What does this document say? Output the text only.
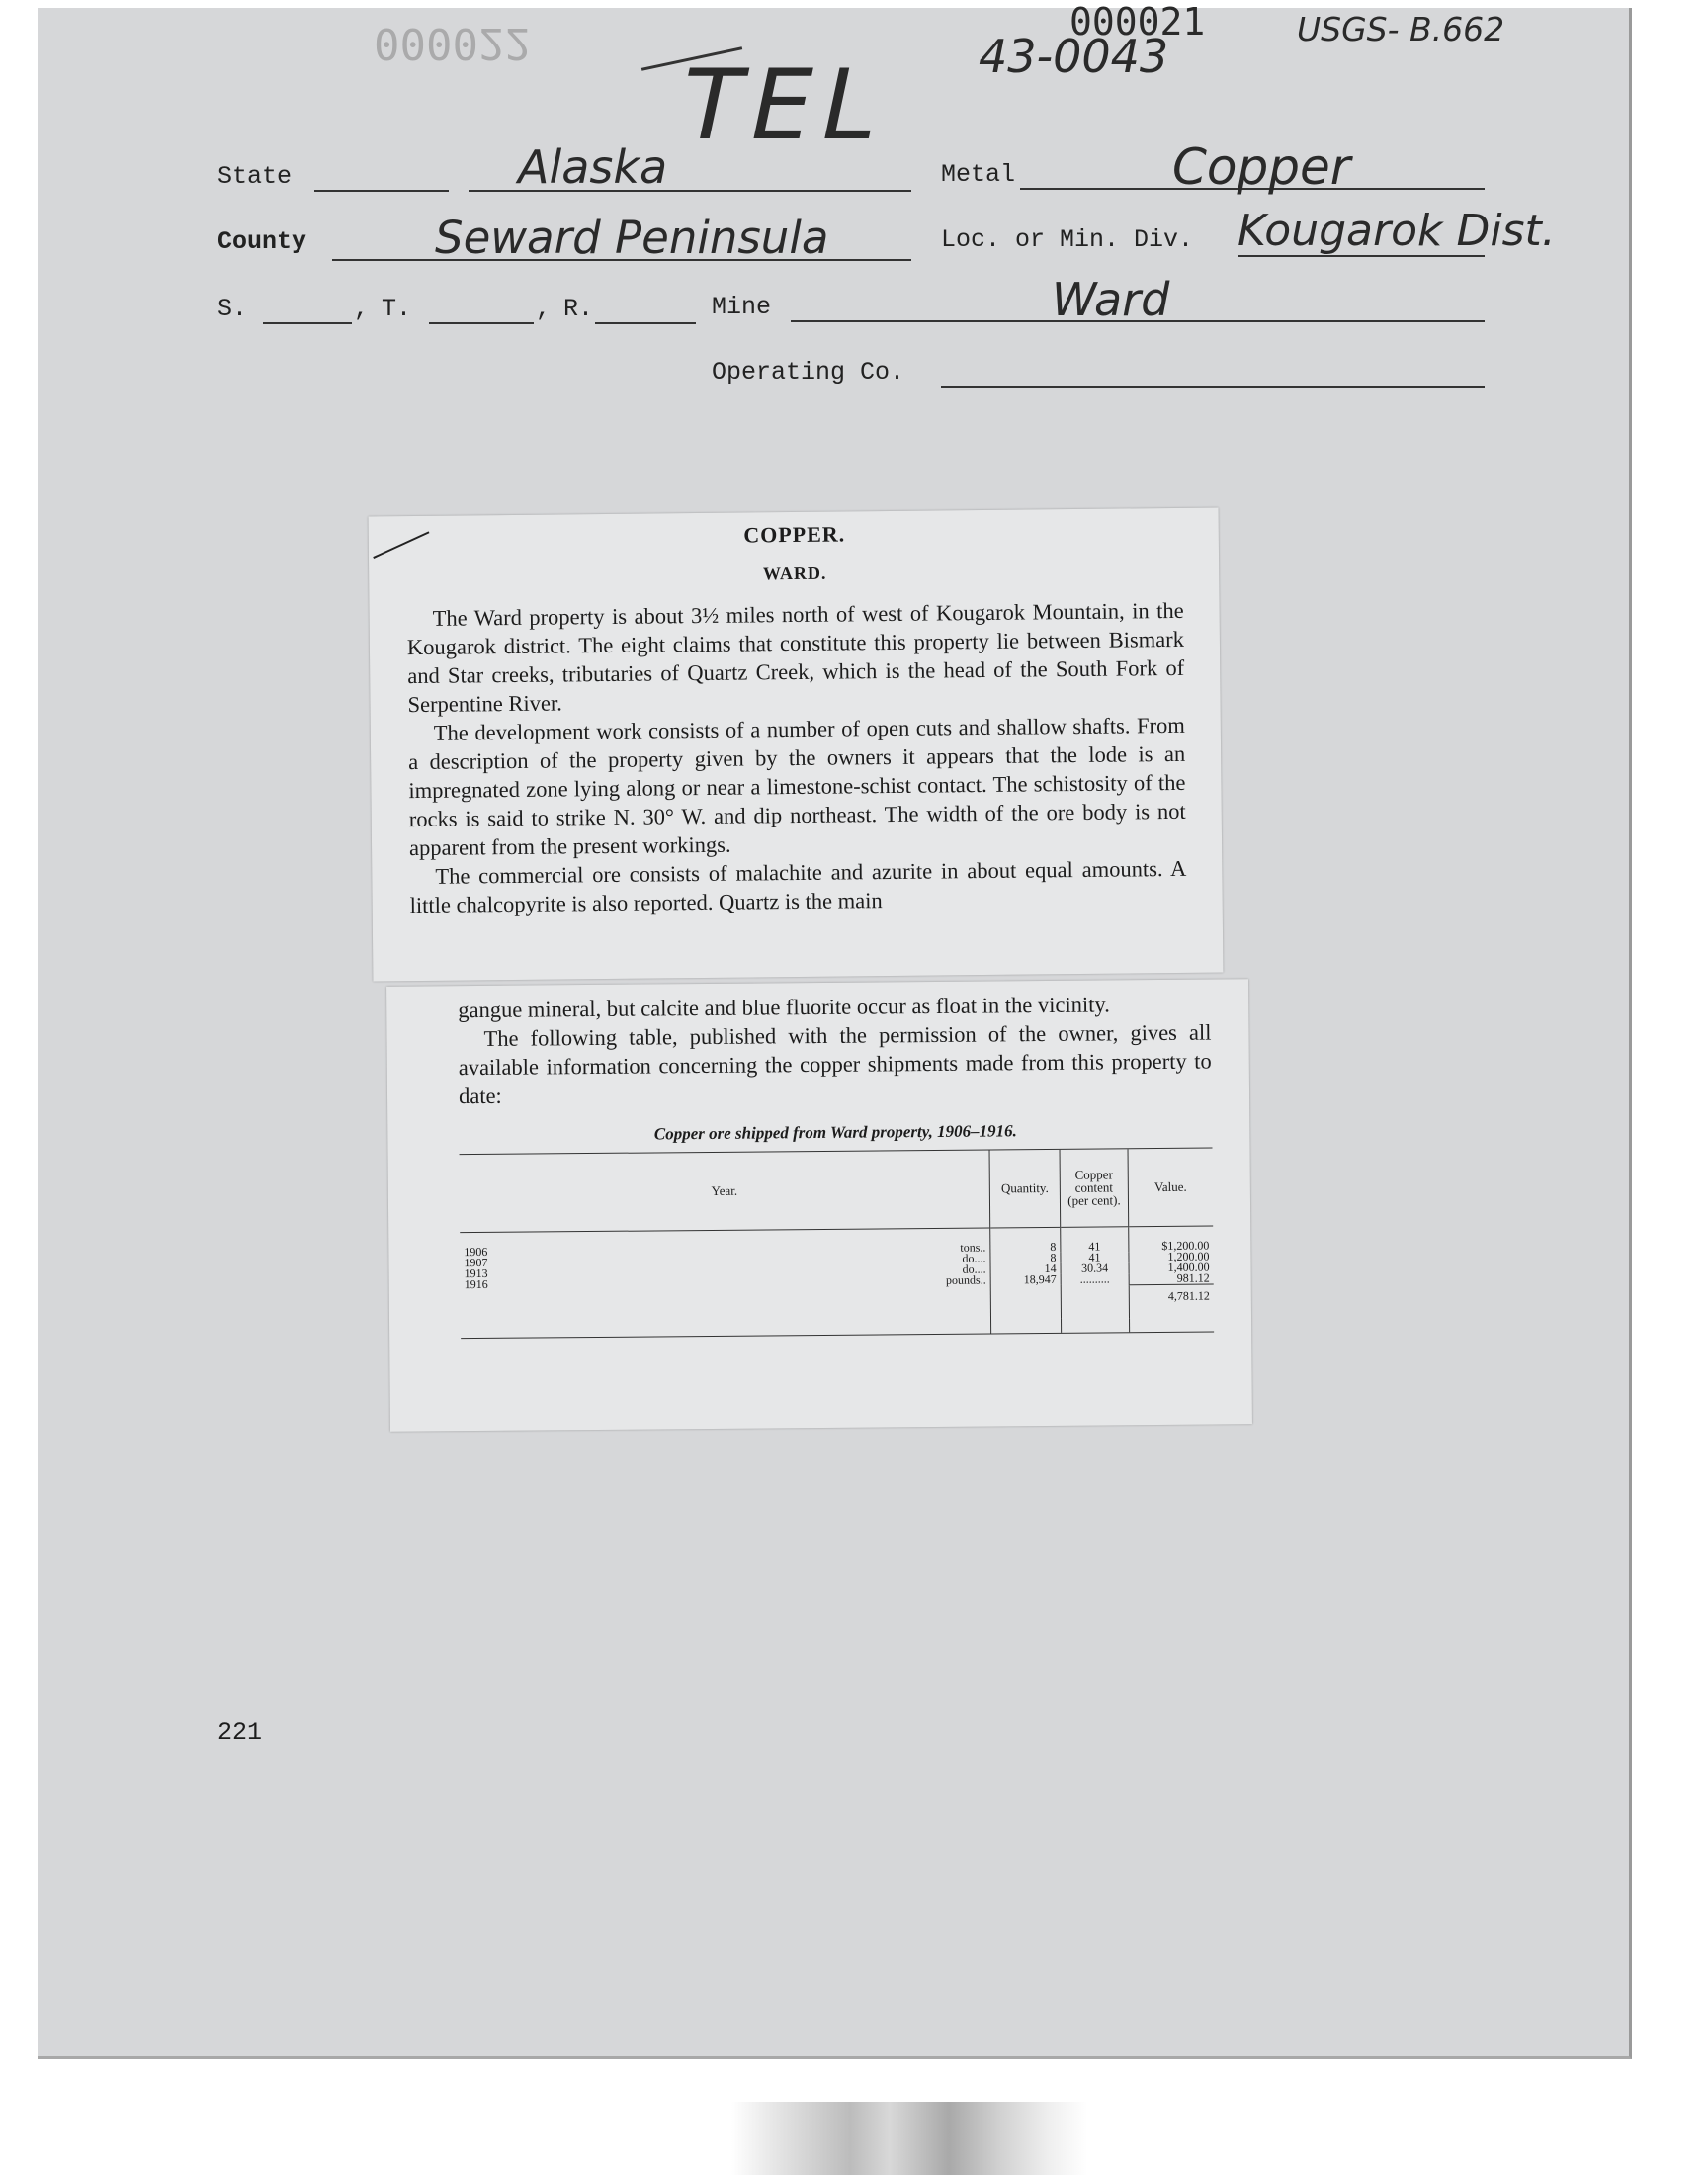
000022	000021
43-0043
USGS- B.662
TEL
State	Alaska	Metal	Copper
County	Seward Peninsula	Loc. or Min. Div. Kougarok Dist.
S.	, T.	, R.	Mine	Ward
Operating Co.
COPPER.
WARD.

The Ward property is about 3½ miles north of west of Kougarok Mountain, in the Kougarok district. The eight claims that constitute this property lie between Bismark and Star creeks, tributaries of Quartz Creek, which is the head of the South Fork of Serpentine River.

The development work consists of a number of open cuts and shallow shafts. From a description of the property given by the owners it appears that the lode is an impregnated zone lying along or near a limestone-schist contact. The schistosity of the rocks is said to strike N. 30° W. and dip northeast. The width of the ore body is not apparent from the present workings.

The commercial ore consists of malachite and azurite in about equal amounts. A little chalcopyrite is also reported. Quartz is the main

gangue mineral, but calcite and blue fluorite occur as float in the vicinity.

The following table, published with the permission of the owner, gives all available information concerning the copper shipments made from this property to date:

Copper ore shipped from Ward property, 1906–1916.
Year.	Quantity.	Copper content (per cent).	Value.
1906 tons..	8	41	$1,200.00
1907 do....	8	41	1,200.00
1913 do....	14	30.34	1,400.00
1916 pounds..	18,947	..........	981.12
			4,781.12

221
